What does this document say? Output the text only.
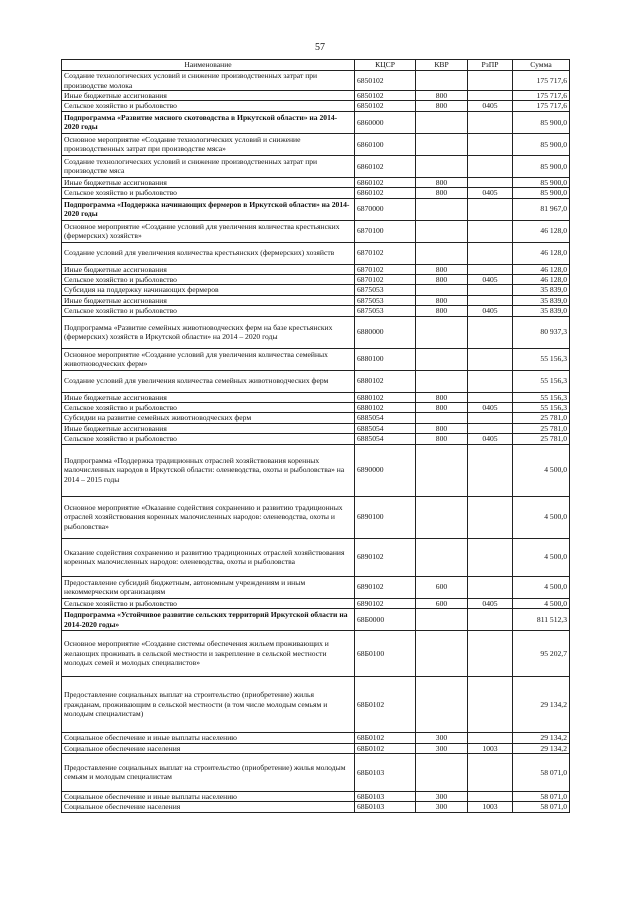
57
Наименование	КЦСР	КВР	РзПР	Сумма
Создание технологических условий и снижение производственных затрат при производстве молока	6850102			175 717,6
Иные бюджетные ассигнования	6850102	800		175 717,6
Сельское хозяйство и рыболовство	6850102	800	0405	175 717,6
Подпрограмма «Развитие мясного скотоводства в Иркутской области» на 2014-2020 годы	6860000			85 900,0
Основное мероприятие «Создание технологических условий и снижение производственных затрат при производстве мяса»	6860100			85 900,0
Создание технологических условий и снижение производственных затрат при производстве мяса	6860102			85 900,0
Иные бюджетные ассигнования	6860102	800		85 900,0
Сельское хозяйство и рыболовство	6860102	800	0405	85 900,0
Подпрограмма «Поддержка начинающих фермеров в Иркутской области» на 2014-2020 годы	6870000			81 967,0
Основное мероприятие «Создание условий для увеличения количества крестьянских (фермерских) хозяйств»	6870100			46 128,0
Создание условий для увеличения количества крестьянских (фермерских) хозяйств	6870102			46 128,0
Иные бюджетные ассигнования	6870102	800		46 128,0
Сельское хозяйство и рыболовство	6870102	800	0405	46 128,0
Субсидия на поддержку начинающих фермеров	6875053			35 839,0
Иные бюджетные ассигнования	6875053	800		35 839,0
Сельское хозяйство и рыболовство	6875053	800	0405	35 839,0
Подпрограмма «Развитие семейных животноводческих ферм на базе крестьянских (фермерских) хозяйств в Иркутской области» на 2014 – 2020 годы	6880000			80 937,3
Основное мероприятие «Создание условий для увеличения количества семейных животноводческих ферм»	6880100			55 156,3
Создание условий для увеличения количества семейных животноводческих ферм	6880102			55 156,3
Иные бюджетные ассигнования	6880102	800		55 156,3
Сельское хозяйство и рыболовство	6880102	800	0405	55 156,3
Субсидии на развитие семейных животноводческих ферм	6885054			25 781,0
Иные бюджетные ассигнования	6885054	800		25 781,0
Сельское хозяйство и рыболовство	6885054	800	0405	25 781,0
Подпрограмма «Поддержка традиционных отраслей хозяйствования коренных малочисленных народов в Иркутской области: оленеводства, охоты и рыболовства» на 2014 – 2015 годы	6890000			4 500,0
Основное мероприятие «Оказание содействия сохранению и развитию традиционных отраслей хозяйствования коренных малочисленных народов: оленеводства, охоты и рыболовства»	6890100			4 500,0
Оказание содействия сохранению и развитию традиционных отраслей хозяйствования коренных малочисленных народов: оленеводства, охоты и рыболовства	6890102			4 500,0
Предоставление субсидий бюджетным, автономным учреждениям и иным некоммерческим организациям	6890102	600		4 500,0
Сельское хозяйство и рыболовство	6890102	600	0405	4 500,0
Подпрограмма «Устойчивое развитие сельских территорий Иркутской области на 2014-2020 годы»	68Б0000			811 512,3
Основное мероприятие «Создание системы обеспечения жильем проживающих и желающих проживать в сельской местности и закрепление в сельской местности молодых семей и молодых специалистов»	68Б0100			95 202,7
Предоставление социальных выплат на строительство (приобретение) жилья гражданам, проживающим в сельской местности (в том числе молодым семьям и молодым специалистам)	68Б0102			29 134,2
Социальное обеспечение и иные выплаты населению	68Б0102	300		29 134,2
Социальное обеспечение населения	68Б0102	300	1003	29 134,2
Предоставление социальных выплат на строительство (приобретение) жилья молодым семьям и молодым специалистам	68Б0103			58 071,0
Социальное обеспечение и иные выплаты населению	68Б0103	300		58 071,0
Социальное обеспечение населения	68Б0103	300	1003	58 071,0
